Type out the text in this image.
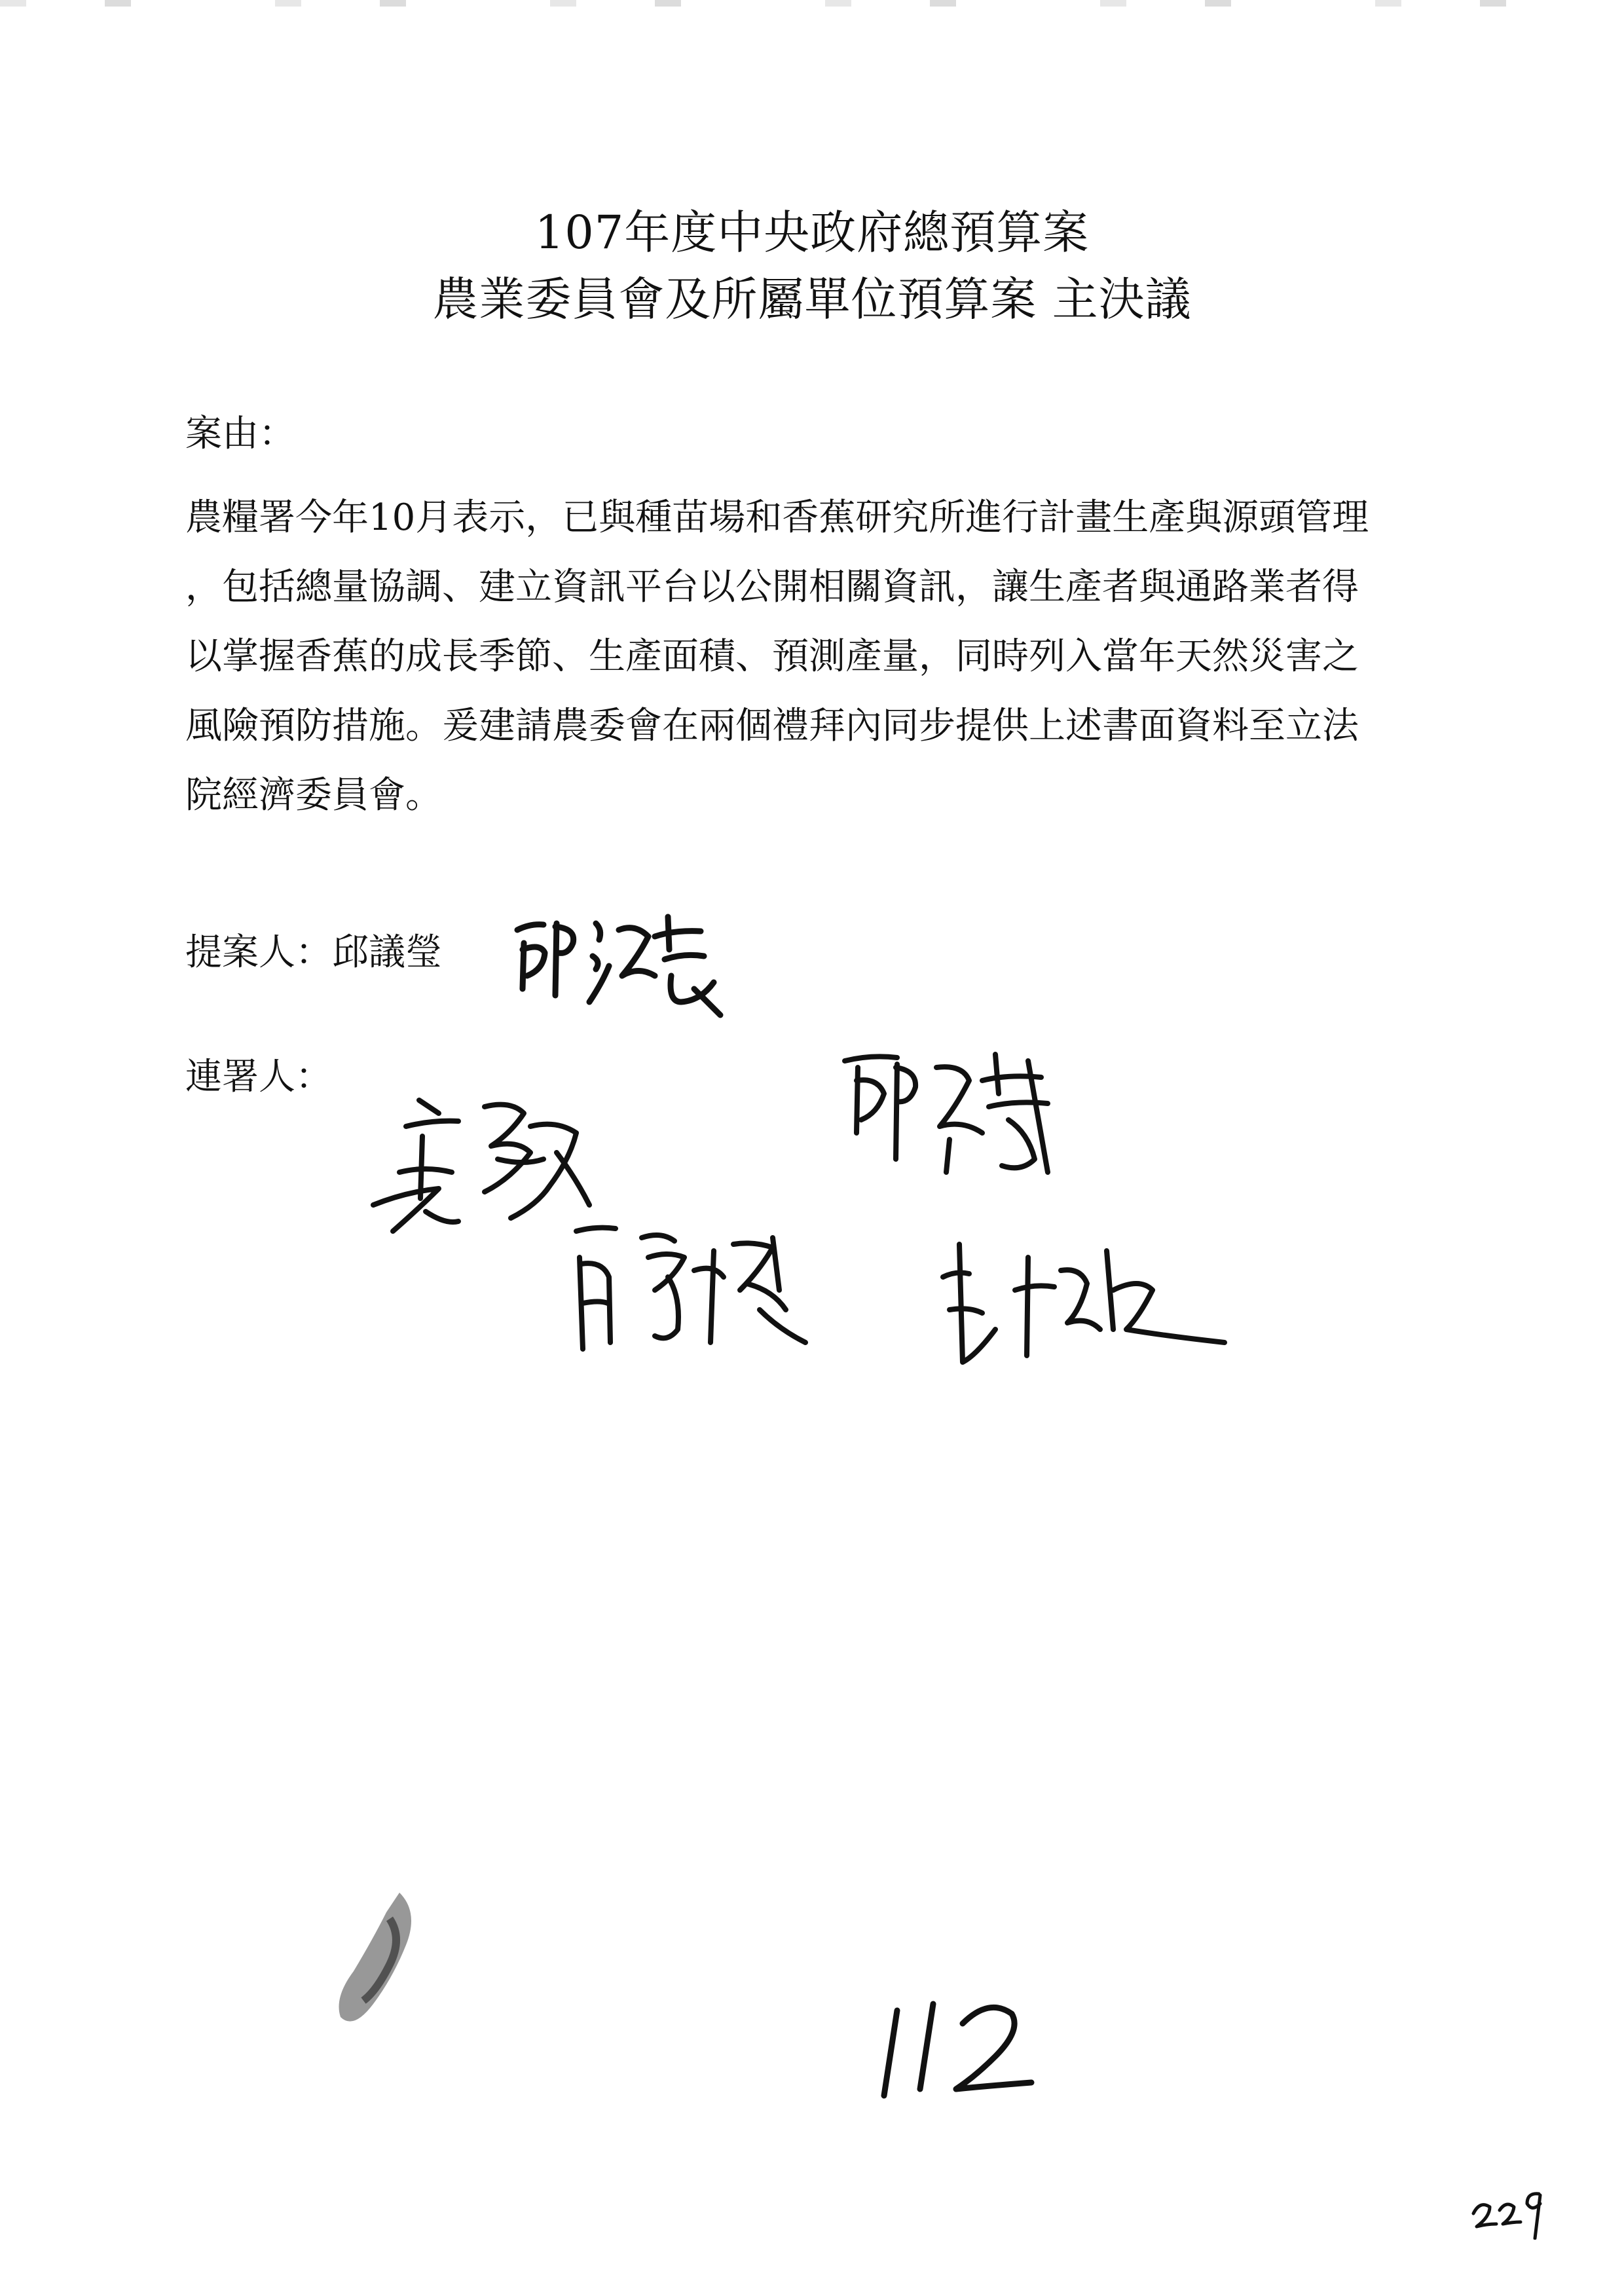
107年度中央政府總預算案
農業委員會及所屬單位預算案 主決議
案由：
農糧署今年10月表示，已與種苗場和香蕉研究所進行計畫生產與源頭管理
，包括總量協調、建立資訊平台以公開相關資訊，讓生產者與通路業者得
以掌握香蕉的成長季節、生產面積、預測產量，同時列入當年天然災害之
風險預防措施。爰建請農委會在兩個禮拜內同步提供上述書面資料至立法
院經濟委員會。
提案人：邱議瑩
連署人：
